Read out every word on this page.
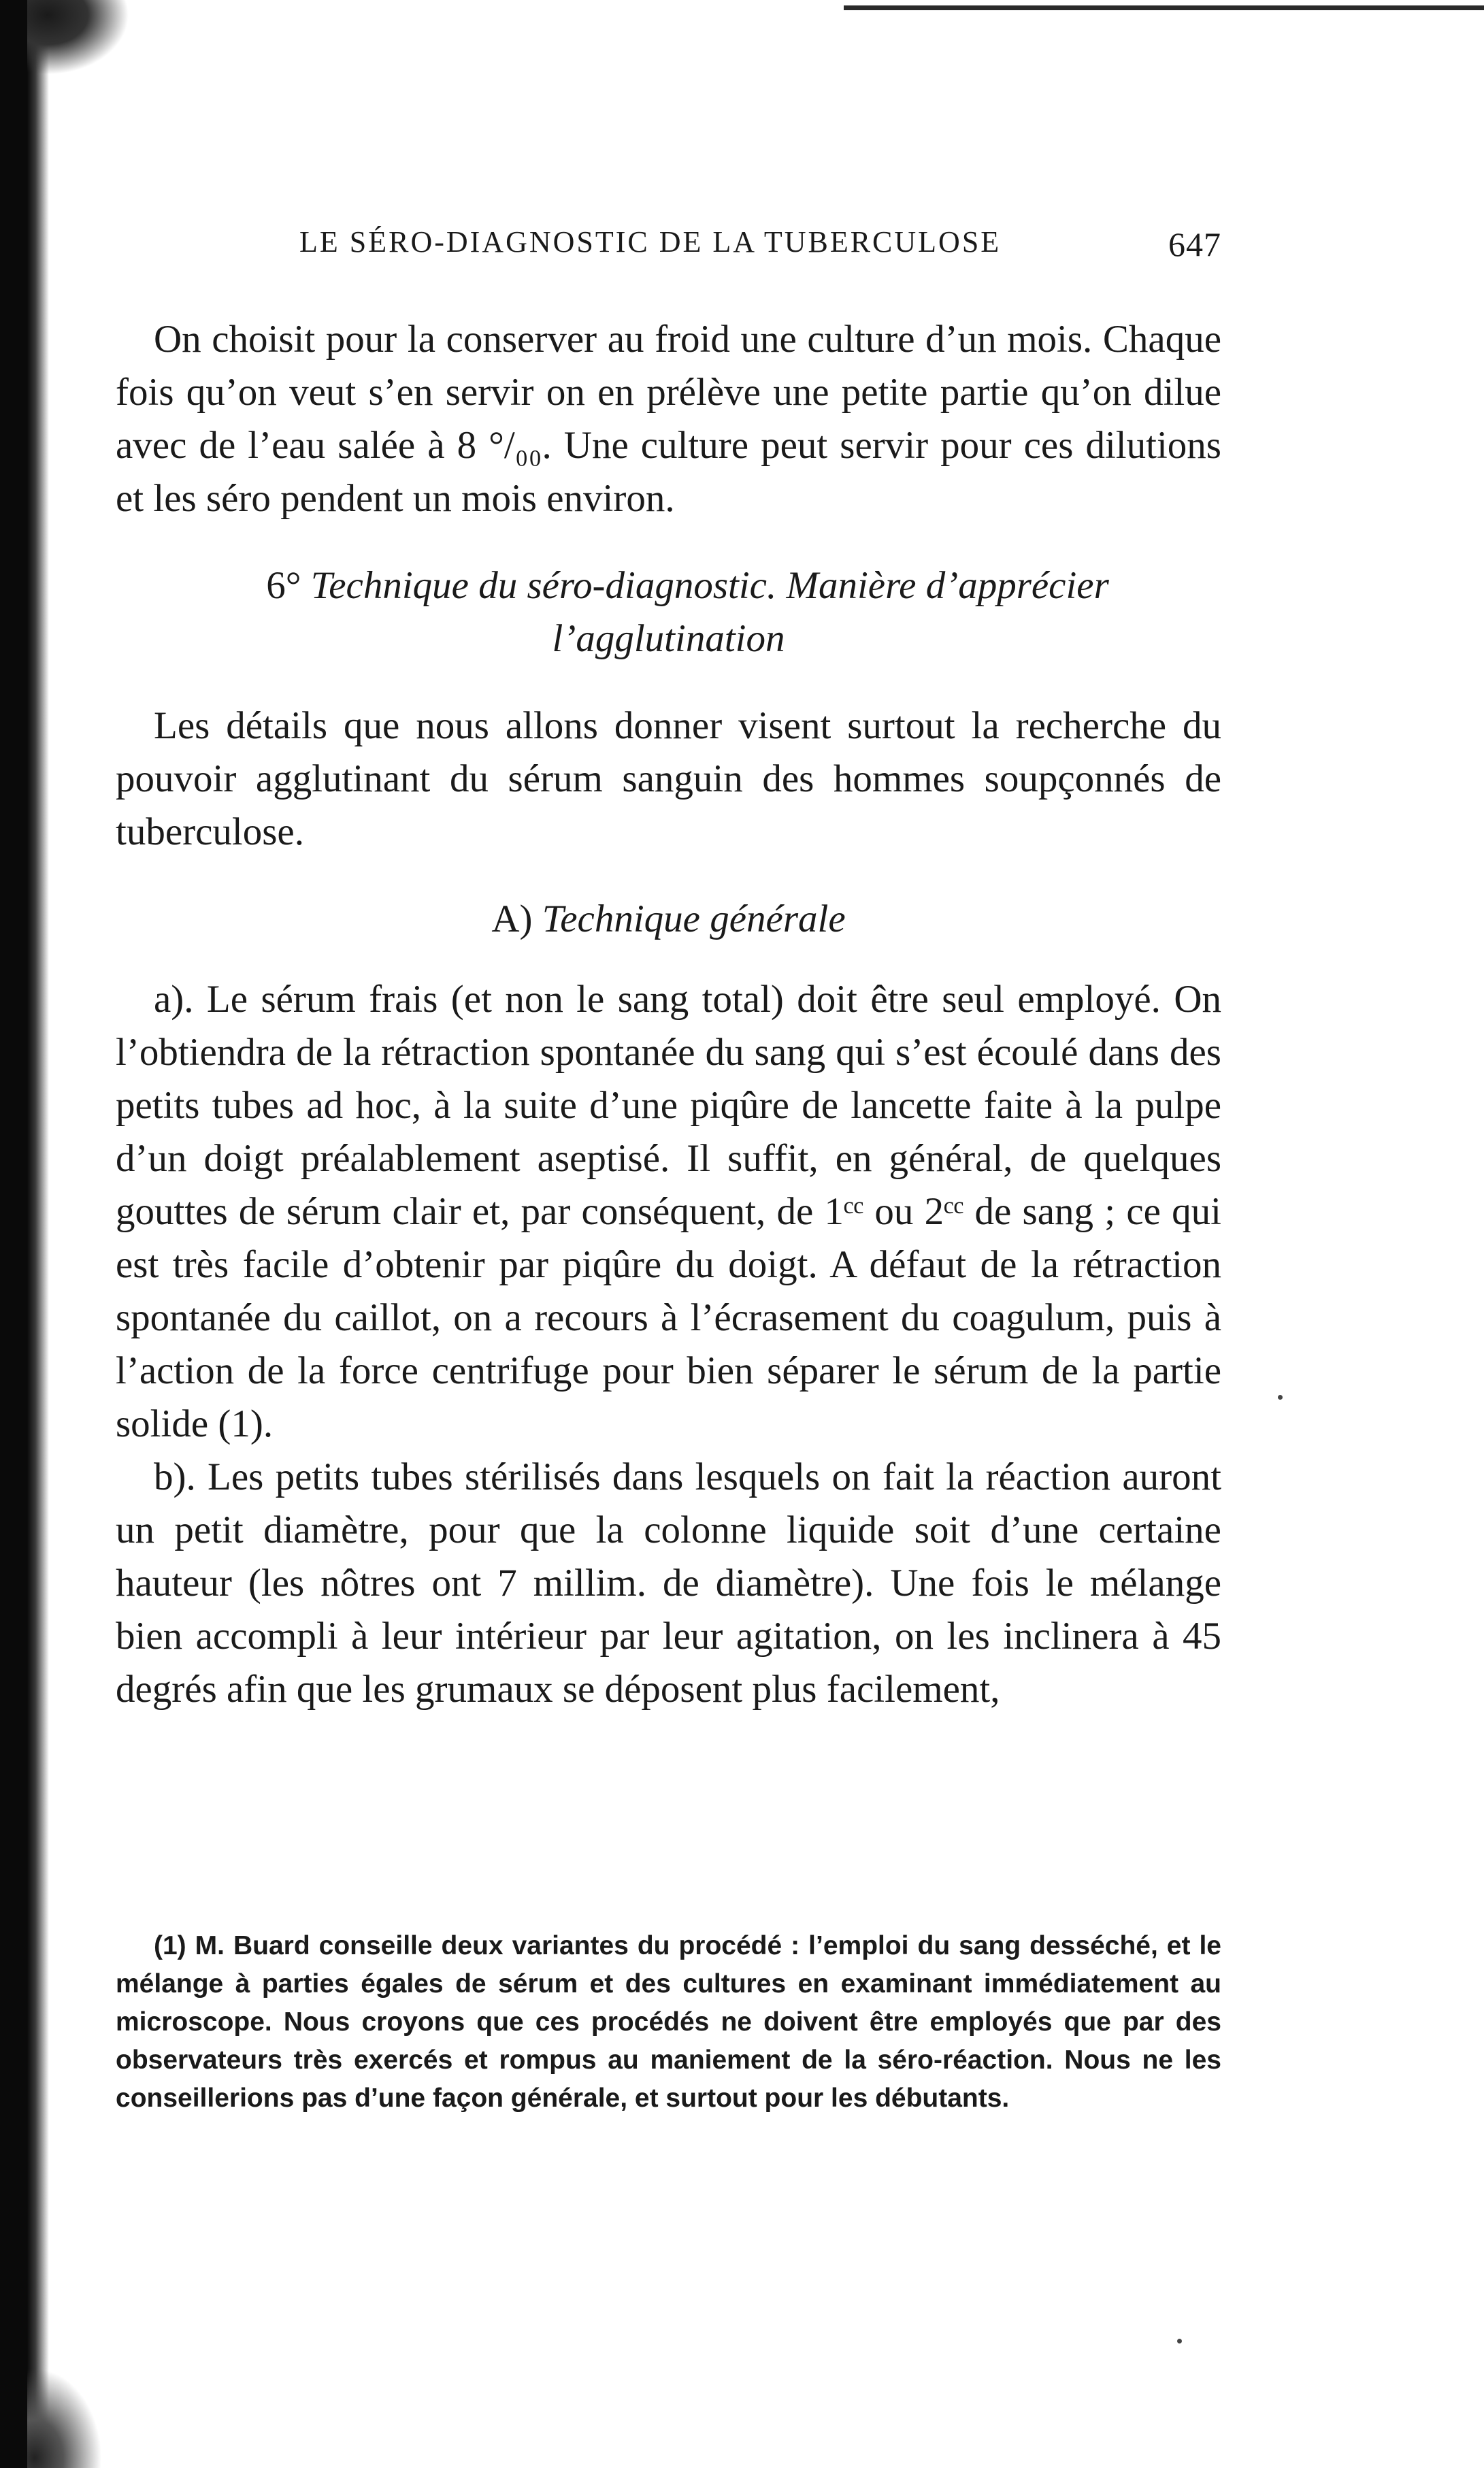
LE SÉRO-DIAGNOSTIC DE LA TUBERCULOSE	647

On choisit pour la conserver au froid une culture d’un mois. Chaque fois qu’on veut s’en servir on en prélève une petite partie qu’on dilue avec de l’eau salée à 8 °/₀₀. Une culture peut servir pour ces dilutions et les séro pendent un mois environ.

6° Technique du séro-diagnostic. Manière d’apprécier

l’agglutination

Les détails que nous allons donner visent surtout la recherche du pouvoir agglutinant du sérum sanguin des hommes soupçonnés de tuberculose.

A) Technique générale

a). Le sérum frais (et non le sang total) doit être seul employé. On l’obtiendra de la rétraction spontanée du sang qui s’est écoulé dans des petits tubes ad hoc, à la suite d’une piqûre de lancette faite à la pulpe d’un doigt préalablement aseptisé. Il suffit, en général, de quelques gouttes de sérum clair et, par conséquent, de 1ᶜᶜ ou 2ᶜᶜ de sang ; ce qui est très facile d’obtenir par piqûre du doigt. A défaut de la rétraction spontanée du caillot, on a recours à l’écrasement du coagulum, puis à l’action de la force centrifuge pour bien séparer le sérum de la partie solide (1).

b). Les petits tubes stérilisés dans lesquels on fait la réaction auront un petit diamètre, pour que la colonne liquide soit d’une certaine hauteur (les nôtres ont 7 millim. de diamètre). Une fois le mélange bien accompli à leur intérieur par leur agitation, on les inclinera à 45 degrés afin que les grumaux se déposent plus facilement,

(1) M. Buard conseille deux variantes du procédé : l’emploi du sang desséché, et le mélange à parties égales de sérum et des cultures en examinant immédiatement au microscope. Nous croyons que ces procédés ne doivent être employés que par des observateurs très exercés et rompus au maniement de la séro-réaction. Nous ne les conseillerions pas d’une façon générale, et surtout pour les débutants.
